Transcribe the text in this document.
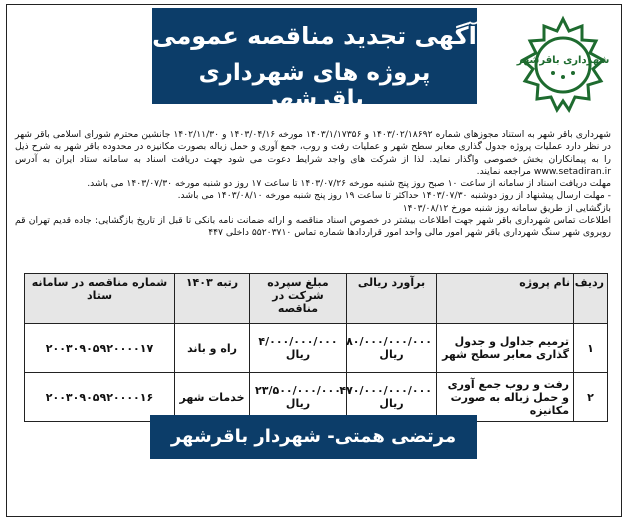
آگهی تجدید مناقصه عمومی
پروژه های شهرداری باقرشهر
شهرداری باقرشهر

شهرداری باقر شهر به استناد مجوزهای شماره ۱۴۰۳/۰۲/۱۸۶۹۲ و ۱۴۰۳/۱/۱۷۳۵۶ مورخه ۱۴۰۳/۰۴/۱۶ و ۱۴۰۲/۱۱/۳۰ جانشین محترم شورای اسلامی باقر شهر در نظر دارد عملیات پروژه جدول گذاری معابر سطح شهر و عملیات رفت و روب، جمع آوری و حمل زباله بصورت مکانیزه در محدوده باقر شهر به شرح ذیل را به پیمانکاران بخش خصوصی واگذار نماید. لذا از شرکت های واجد شرایط دعوت می شود جهت دریافت اسناد به سامانه ستاد ایران به آدرس www.setadiran.ir مراجعه نمایند.

مهلت دریافت اسناد از سامانه از ساعت ۱۰ صبح روز پنج شنبه مورخه ۱۴۰۳/۰۷/۲۶ تا ساعت ۱۷ روز دو شنبه مورخه ۱۴۰۳/۰۷/۳۰ می باشد.

- مهلت ارسال پیشنهاد از روز دوشنبه ۱۴۰۳/۰۷/۳۰ حداکثر تا ساعت ۱۹ روز پنج شنبه مورخه ۱۴۰۳/۰۸/۱۰ می باشد.

بازگشایی از طریق سامانه روز شنبه مورخ ۱۴۰۳/۰۸/۱۲

اطلاعات تماس شهرداری باقر شهر جهت اطلاعات بیشتر در خصوص اسناد مناقصه و ارائه ضمانت نامه بانکی تا قبل از تاریخ بازگشایی: جاده قدیم تهران قم روبروی شهر سنگ شهرداری باقر شهر امور مالی واحد امور قراردادها شماره تماس ۵۵۲۰۳۷۱۰ داخلی ۴۴۷

ردیف	نام پروژه	برآورد ریالی	مبلغ سپرده شرکت در مناقصه	رتبه ۱۴۰۳	شماره مناقصه در سامانه ستاد
۱	ترمیم جداول و جدول گذاری معابر سطح شهر	۸۰/۰۰۰/۰۰۰/۰۰۰ ریال	۴/۰۰۰/۰۰۰/۰۰۰ ریال	راه و باند	۲۰۰۳۰۹۰۵۹۲۰۰۰۰۱۷
۲	رفت و روب جمع آوری و حمل زباله به صورت مکانیزه	۴۷۰/۰۰۰/۰۰۰/۰۰۰ ریال	۲۳/۵۰۰/۰۰۰/۰۰۰ ریال	خدمات شهر	۲۰۰۳۰۹۰۵۹۲۰۰۰۰۱۶
مرتضی همتی- شهردار باقرشهر
